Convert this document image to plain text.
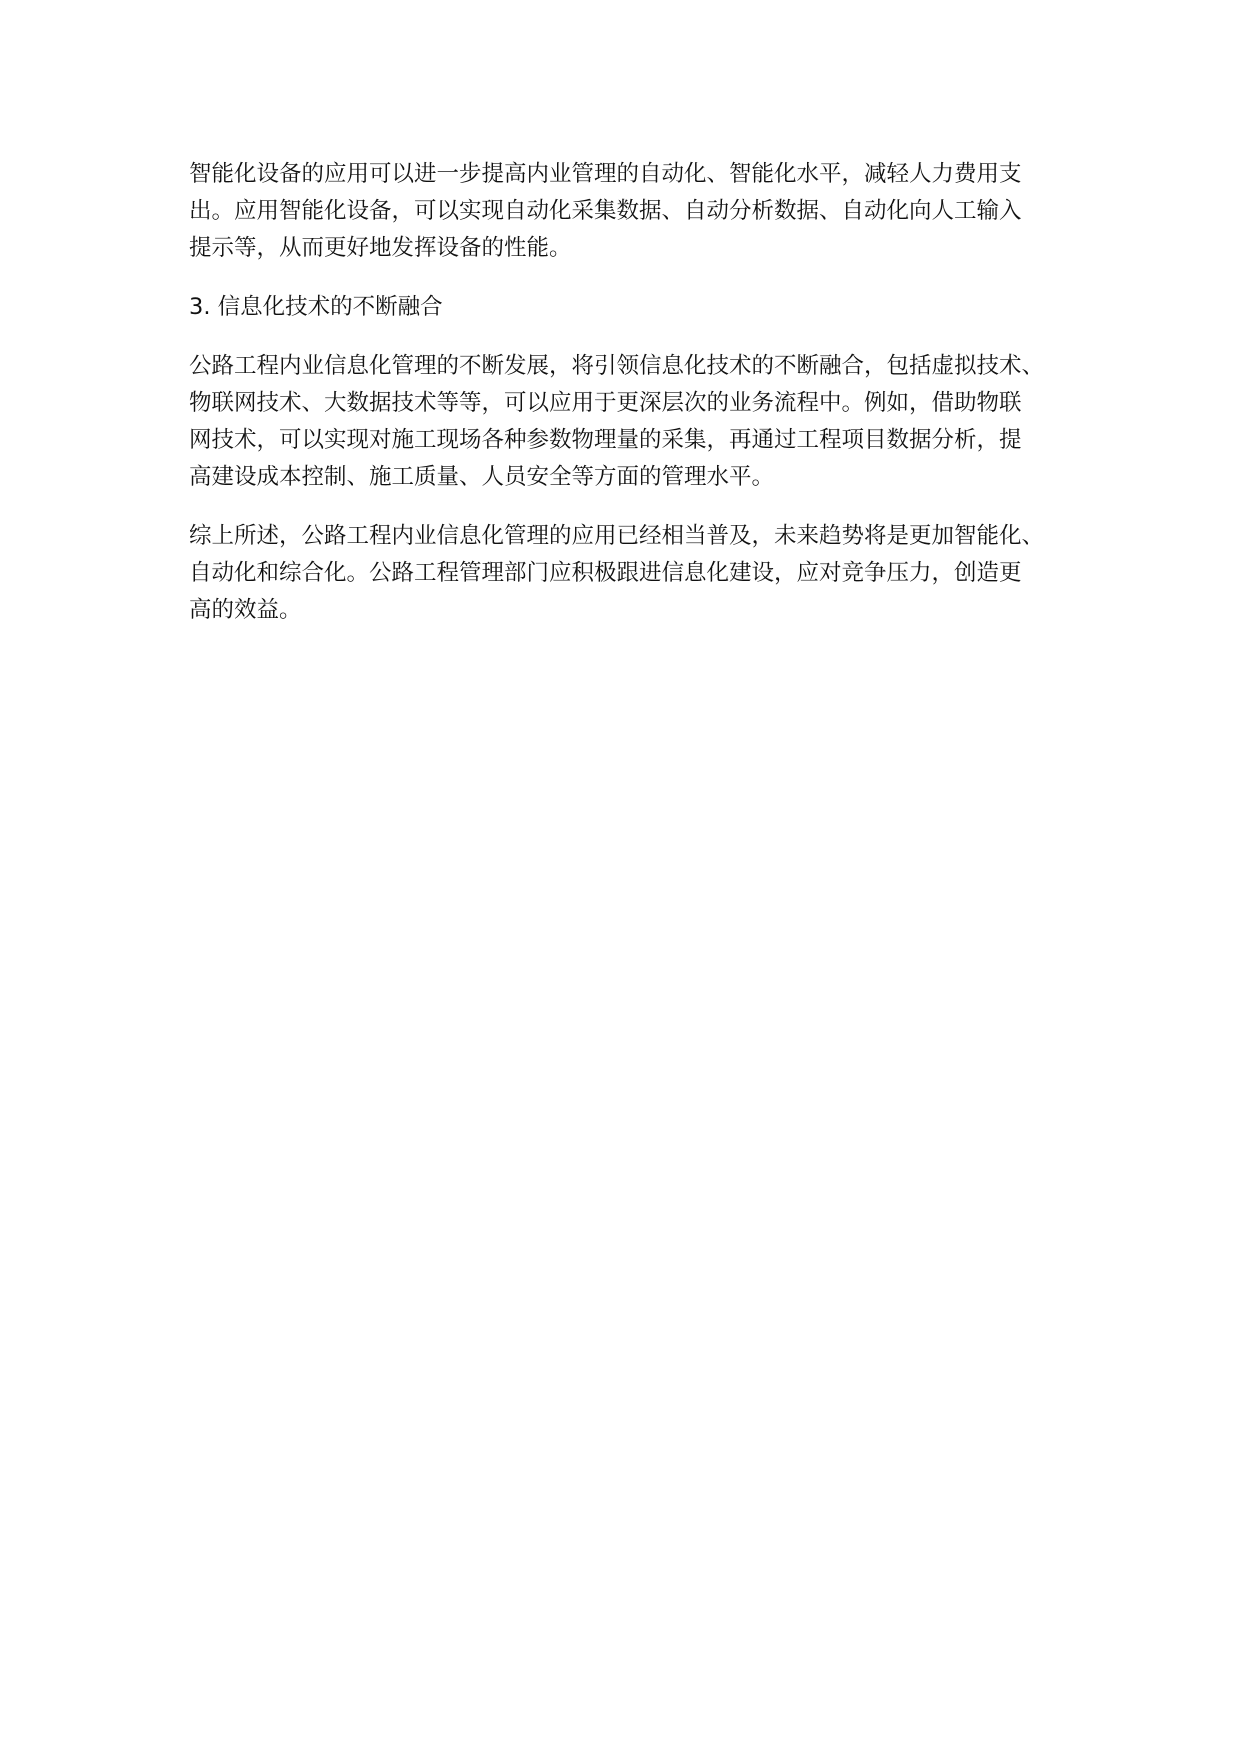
智能化设备的应用可以进一步提高内业管理的自动化、智能化水平，减轻人力费用支
出。应用智能化设备，可以实现自动化采集数据、自动分析数据、自动化向人工输入
提示等，从而更好地发挥设备的性能。

3. 信息化技术的不断融合

公路工程内业信息化管理的不断发展，将引领信息化技术的不断融合，包括虚拟技术、
物联网技术、大数据技术等等，可以应用于更深层次的业务流程中。例如，借助物联
网技术，可以实现对施工现场各种参数物理量的采集，再通过工程项目数据分析，提
高建设成本控制、施工质量、人员安全等方面的管理水平。

综上所述，公路工程内业信息化管理的应用已经相当普及，未来趋势将是更加智能化、
自动化和综合化。公路工程管理部门应积极跟进信息化建设，应对竞争压力，创造更
高的效益。
